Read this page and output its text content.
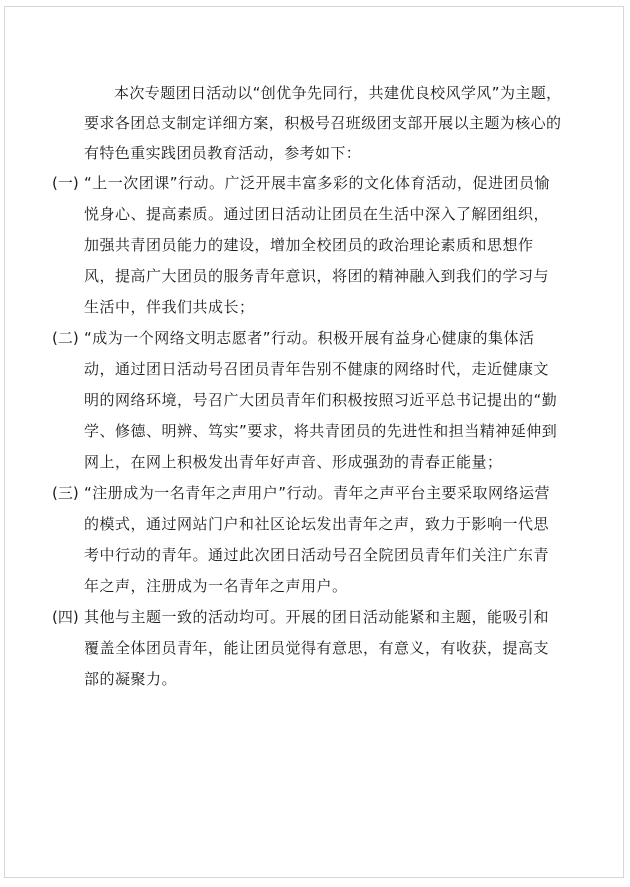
本次专题团日活动以“创优争先同行，共建优良校风学风”为主题，要求各团总支制定详细方案，积极号召班级团支部开展以主题为核心的有特色重实践团员教育活动，参考如下：

(一) “上一次团课”行动。广泛开展丰富多彩的文化体育活动，促进团员愉悦身心、提高素质。通过团日活动让团员在生活中深入了解团组织，加强共青团员能力的建设，增加全校团员的政治理论素质和思想作风，提高广大团员的服务青年意识，将团的精神融入到我们的学习与生活中，伴我们共成长；

(二) “成为一个网络文明志愿者”行动。积极开展有益身心健康的集体活动，通过团日活动号召团员青年告别不健康的网络时代，走近健康文明的网络环境，号召广大团员青年们积极按照习近平总书记提出的“勤学、修德、明辨、笃实”要求，将共青团员的先进性和担当精神延伸到网上，在网上积极发出青年好声音、形成强劲的青春正能量；

(三) “注册成为一名青年之声用户”行动。青年之声平台主要采取网络运营的模式，通过网站门户和社区论坛发出青年之声，致力于影响一代思考中行动的青年。通过此次团日活动号召全院团员青年们关注广东青年之声，注册成为一名青年之声用户。

(四) 其他与主题一致的活动均可。开展的团日活动能紧和主题，能吸引和覆盖全体团员青年，能让团员觉得有意思，有意义，有收获，提高支部的凝聚力。
